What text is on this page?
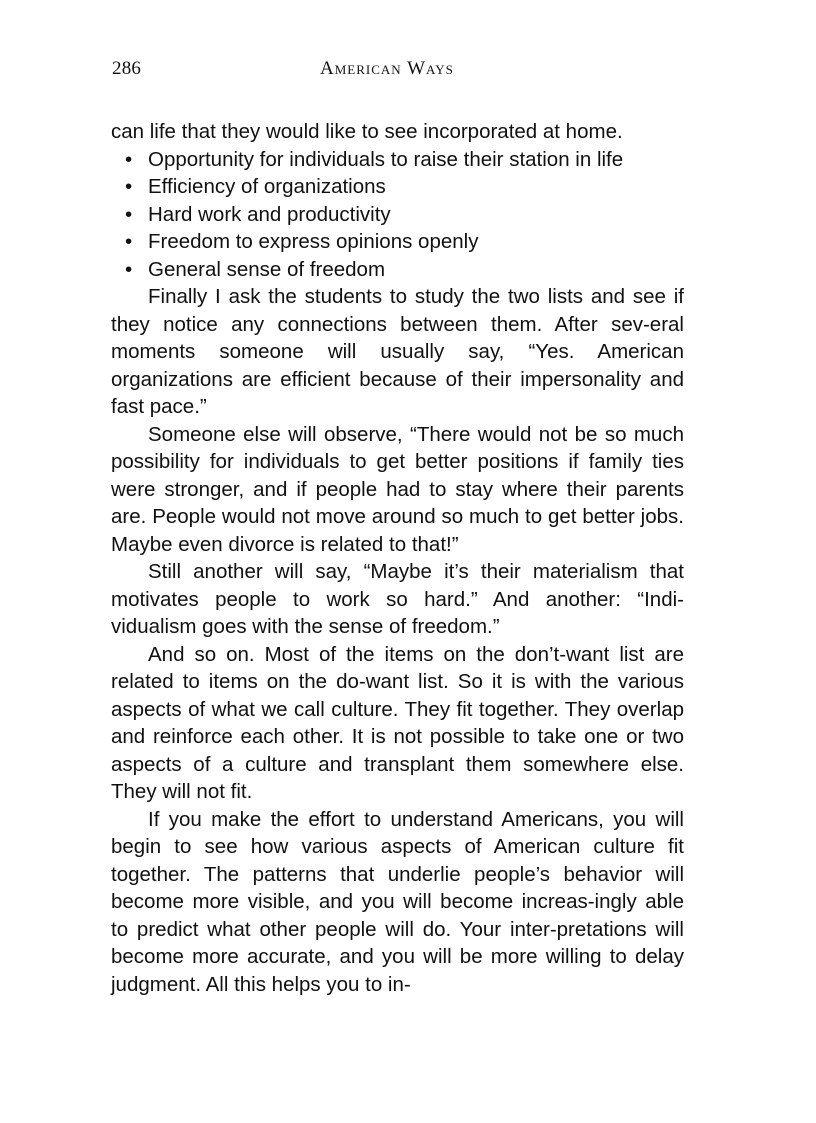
286	American Ways

can life that they would like to see incorporated at home.

• Opportunity for individuals to raise their station in life
• Efficiency of organizations
• Hard work and productivity
• Freedom to express opinions openly
• General sense of freedom

Finally I ask the students to study the two lists and see if they notice any connections between them. After sev-eral moments someone will usually say, “Yes. American organizations are efficient because of their impersonality and fast pace.”

Someone else will observe, “There would not be so much possibility for individuals to get better positions if family ties were stronger, and if people had to stay where their parents are. People would not move around so much to get better jobs. Maybe even divorce is related to that!”

Still another will say, “Maybe it’s their materialism that motivates people to work so hard.” And another: “Indi-vidualism goes with the sense of freedom.”

And so on. Most of the items on the don’t-want list are related to items on the do-want list. So it is with the various aspects of what we call culture. They fit together. They overlap and reinforce each other. It is not possible to take one or two aspects of a culture and transplant them somewhere else. They will not fit.

If you make the effort to understand Americans, you will begin to see how various aspects of American culture fit together. The patterns that underlie people’s behavior will become more visible, and you will become increas-ingly able to predict what other people will do. Your inter-pretations will become more accurate, and you will be more willing to delay judgment. All this helps you to in-
